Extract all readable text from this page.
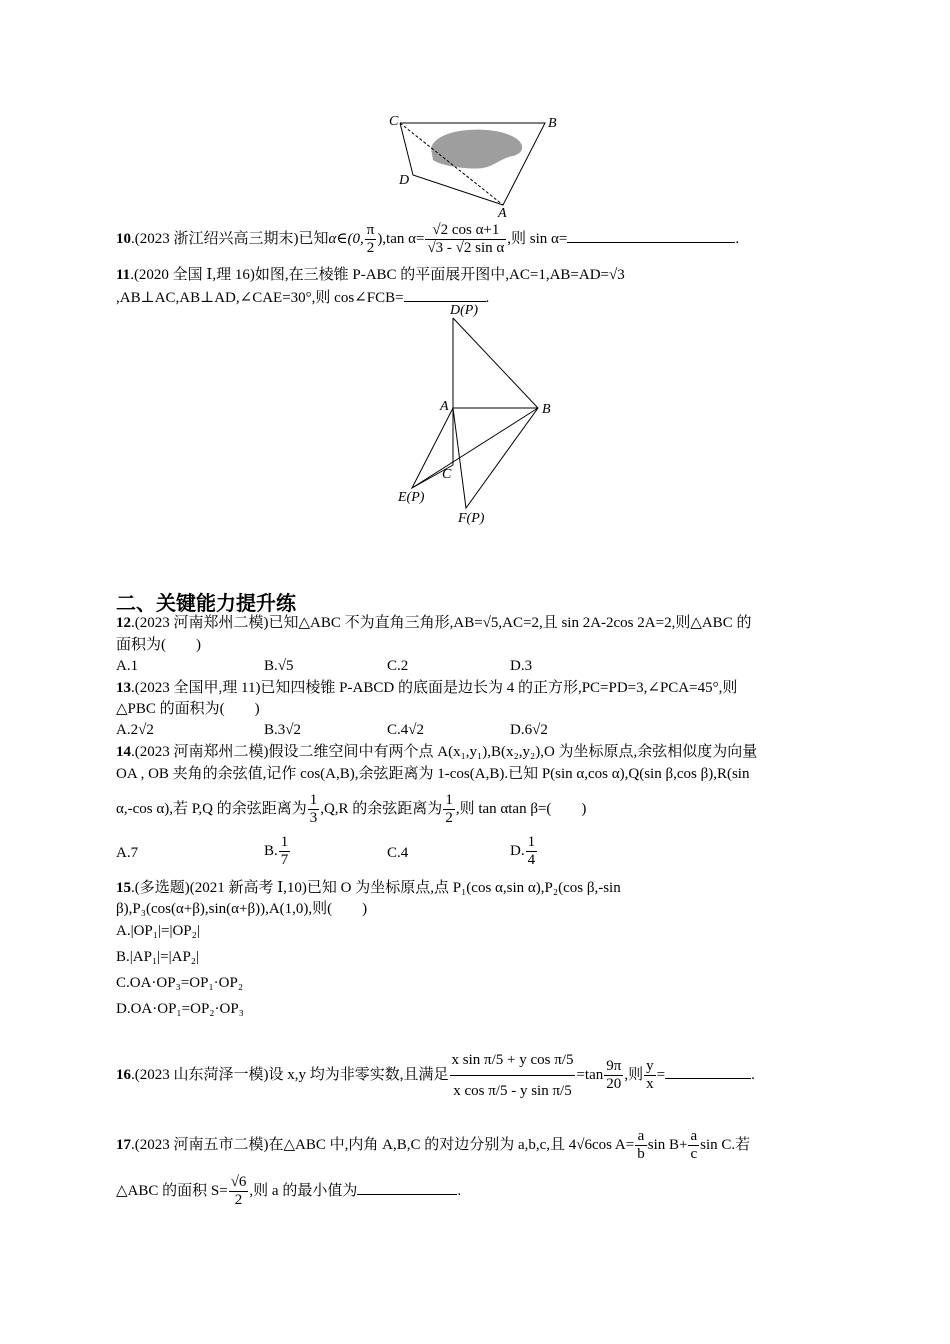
C	B
D
A
10.(2023 浙江绍兴高三期末)已知α∈(0, $\frac{\pi}{2} ),\tan$ $\alpha= \frac{\text{√2 cos α+1}}{\text{√3 - √2 sin α}}$ ,则 sin α=	.
11.(2020 全国 Ⅰ,理 16)如图,在三棱锥 P-ABC 的平面展开图中,AC=1,AB=AD=√3
,AB⊥AC,AB⊥AD,∠CAE=30°,则 cos∠FCB=	.
D(P)
A	B
C
E(P)
F(P)
二、关键能力提升练
12.(2023 河南郑州二模)已知△ABC 不为直角三角形,AB=√5,AC=2,且 sin 2A-2cos 2A=2,则△ABC 的
面积为(　　)
A.1	B.√5	C.2	D.3
13.(2023 全国甲,理 11)已知四棱锥 P-ABCD 的底面是边长为 4 的正方形,PC=PD=3,∠PCA=45°,则
△PBC 的面积为(　　)
A.2√2	B.3√2	C.4√2	D.6√2
14.(2023 河南郑州二模)假设二维空间中有两个点 A(x₁,y₁),B(x₂,y₂),O 为坐标原点,余弦相似度为向量
OA , OB 夹角的余弦值,记作 cos(A,B),余弦距离为 1-cos(A,B).已知 P(sin α,cos α),Q(sin β,cos β),R(sin
α,-cos α),若 P,Q 的余弦距离为 $\frac{1}{3} ,Q,R$ 的余弦距离为 $\frac{1}{2}$ ,则 tan αtan β=(　　)
A.7	B. $\frac{1}{7}$	C.4	D. $\frac{1}{4}$
15.(多选题)(2021 新高考 Ⅰ,10)已知 O 为坐标原点,点 P₁(cos α,sin α),P₂(cos β,-sin
β),P₃(cos(α+β),sin(α+β)),A(1,0),则(　　)
A.|OP₁|=|OP₂|
B.|AP₁|=|AP₂|
C.OA·OP₃=OP₁·OP₂
D.OA·OP₁=OP₂·OP₃
16.(2023 山东菏泽一模)设 x,y 均为非零实数,且满足 $\frac{\text{x sin π/5 + y cos π/5}}{\text{x cos π/5 - y sin π/5}} =\tan \frac{9\pi}{20}$ ,则 $\frac{y}{x}$ =	.
17.(2023 河南五市二模)在△ABC 中,内角 A,B,C 的对边分别为 a,b,c,且 4√6cos $A= \frac{a}{b}$ $\sin B+ \frac{a}{c}$ sin C.若
△ABC 的面积 $S= \frac{√6}{2}$ ,则 a 的最小值为	.
